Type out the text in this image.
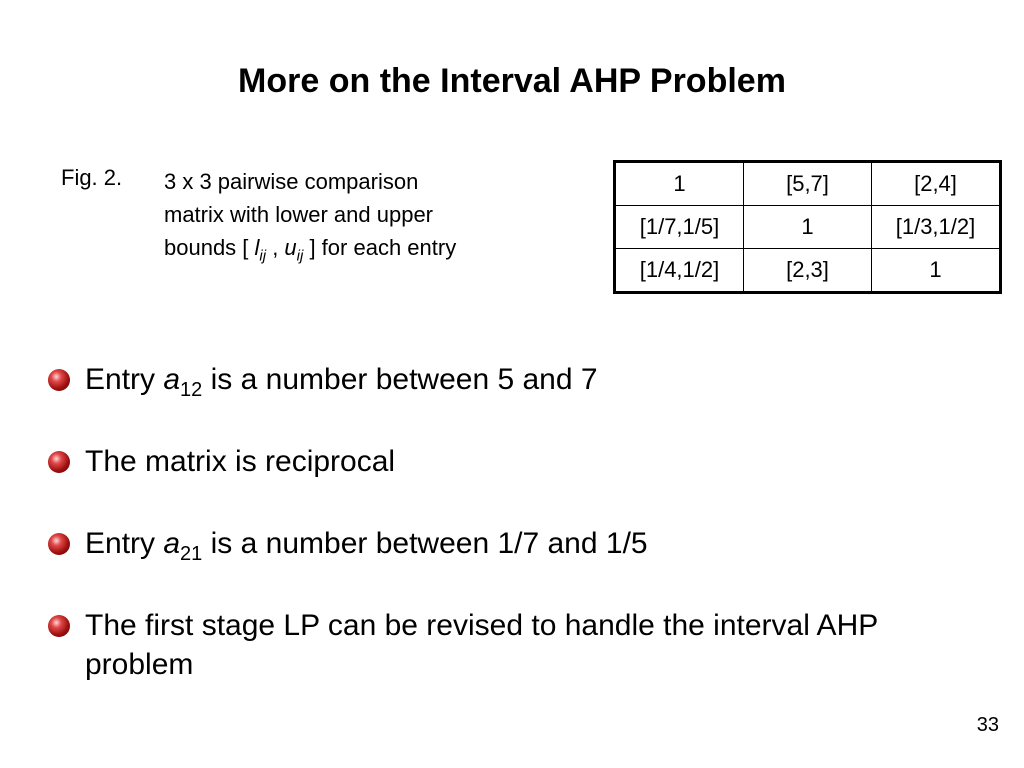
More on the Interval AHP Problem
Fig. 2. 3 x 3 pairwise comparison
matrix with lower and upper
bounds [ $l_{ij}$ , $u_{ij}$ ] for each entry
1	[5,7]	[2,4]
[1/7,1/5]	1	[1/3,1/2]
[1/4,1/2]	[2,3]	1
Entry $a_{12}$ is a number between 5 and 7
The matrix is reciprocal
Entry $a_{21}$ is a number between 1/7 and 1/5
The first stage LP can be revised to handle the interval AHP problem
33
